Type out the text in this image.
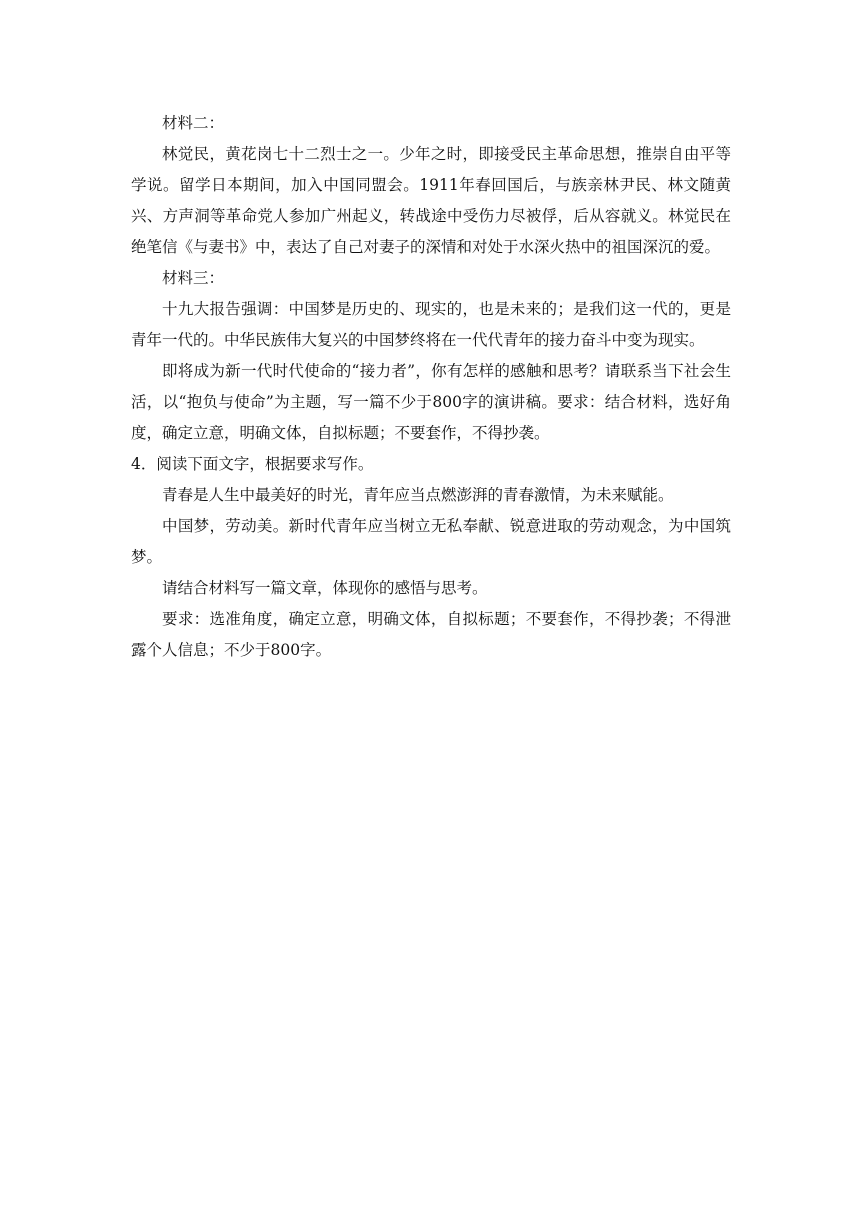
材料二：

林觉民，黄花岗七十二烈士之一。少年之时，即接受民主革命思想，推崇自由平等学说。留学日本期间，加入中国同盟会。1911年春回国后，与族亲林尹民、林文随黄兴、方声洞等革命党人参加广州起义，转战途中受伤力尽被俘，后从容就义。林觉民在绝笔信《与妻书》中，表达了自己对妻子的深情和对处于水深火热中的祖国深沉的爱。

材料三：

十九大报告强调：中国梦是历史的、现实的，也是未来的；是我们这一代的，更是青年一代的。中华民族伟大复兴的中国梦终将在一代代青年的接力奋斗中变为现实。

即将成为新一代时代使命的“接力者”，你有怎样的感触和思考？请联系当下社会生活，以“抱负与使命”为主题，写一篇不少于800字的演讲稿。要求：结合材料，选好角度，确定立意，明确文体，自拟标题；不要套作，不得抄袭。

4．阅读下面文字，根据要求写作。

青春是人生中最美好的时光，青年应当点燃澎湃的青春激情，为未来赋能。

中国梦，劳动美。新时代青年应当树立无私奉献、锐意进取的劳动观念，为中国筑梦。

请结合材料写一篇文章，体现你的感悟与思考。

要求：选准角度，确定立意，明确文体，自拟标题；不要套作，不得抄袭；不得泄露个人信息；不少于800字。
